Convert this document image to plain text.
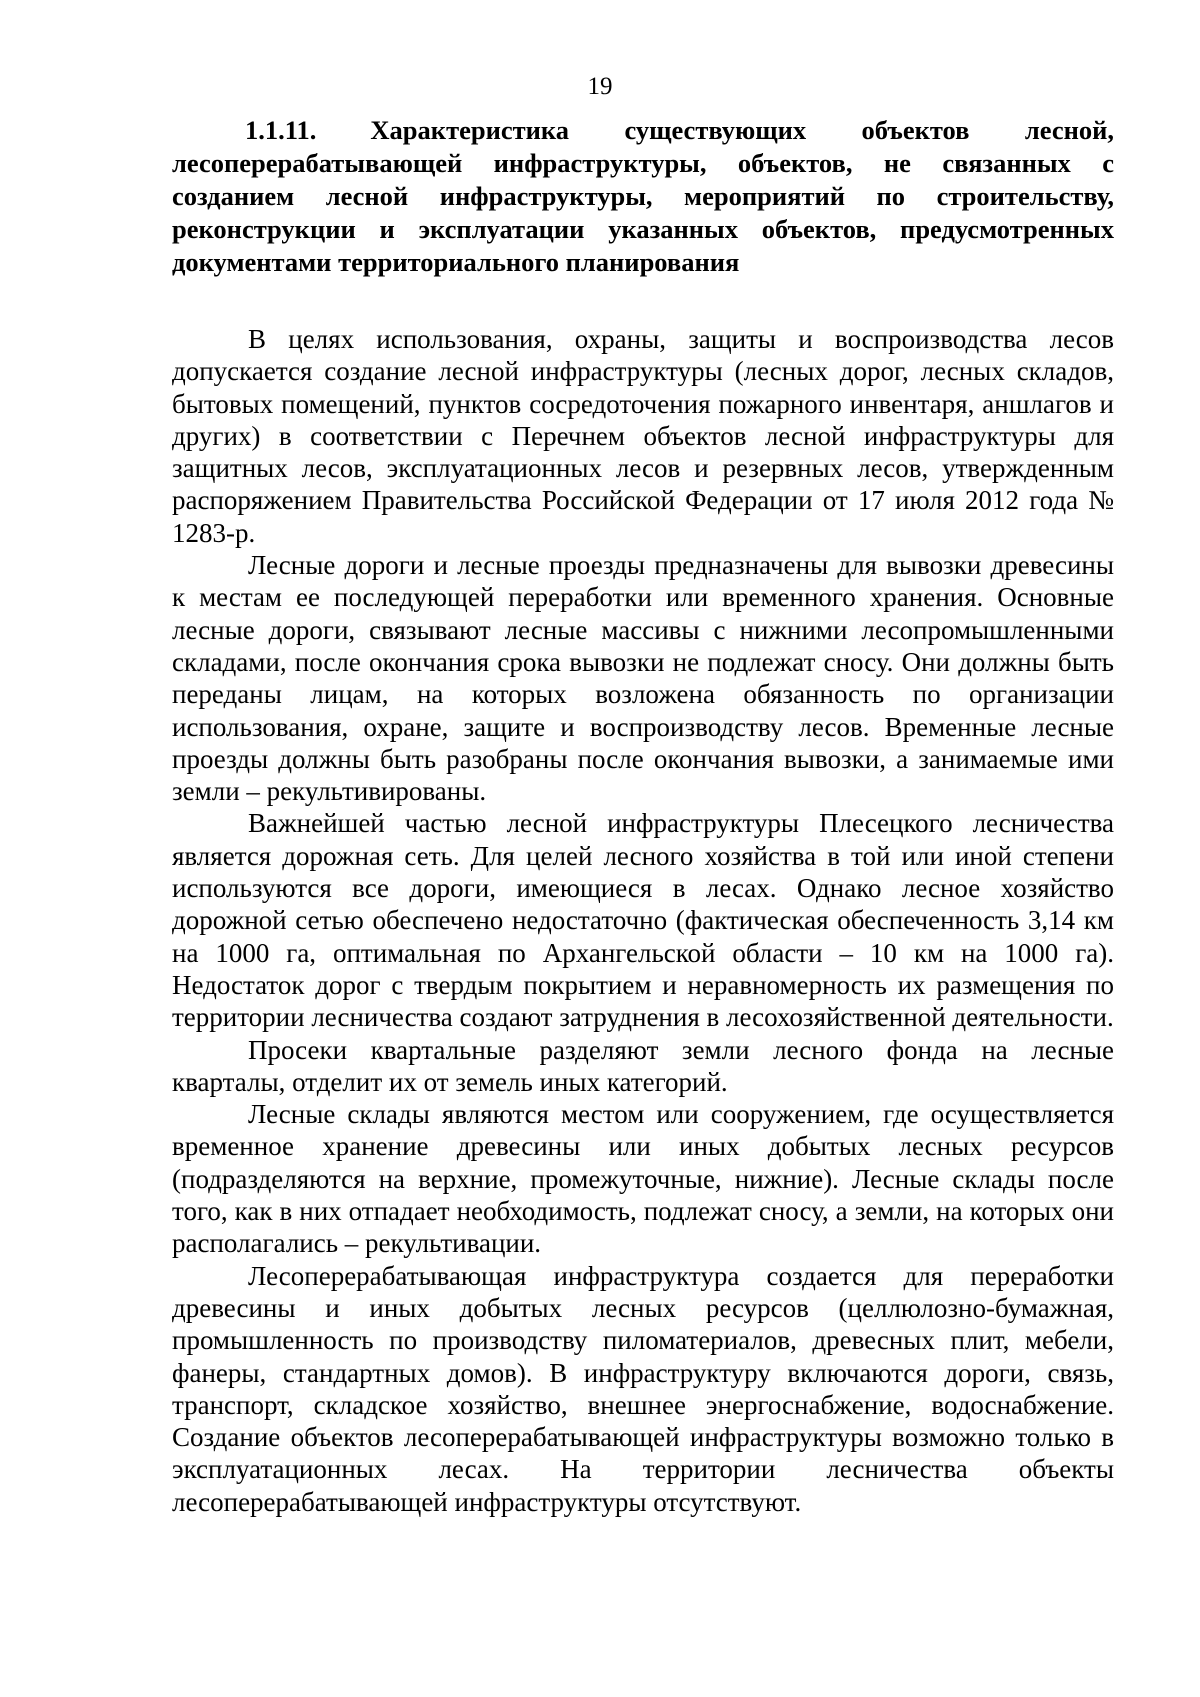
19

1.1.11. Характеристика существующих объектов лесной, лесоперерабатывающей инфраструктуры, объектов, не связанных с созданием лесной инфраструктуры, мероприятий по строительству, реконструкции и эксплуатации указанных объектов, предусмотренных документами территориального планирования

В целях использования, охраны, защиты и воспроизводства лесов допускается создание лесной инфраструктуры (лесных дорог, лесных складов, бытовых помещений, пунктов сосредоточения пожарного инвентаря, аншлагов и других) в соответствии с Перечнем объектов лесной инфраструктуры для защитных лесов, эксплуатационных лесов и резервных лесов, утвержденным распоряжением Правительства Российской Федерации от 17 июля 2012 года № 1283-р.

Лесные дороги и лесные проезды предназначены для вывозки древесины к местам ее последующей переработки или временного хранения. Основные лесные дороги, связывают лесные массивы с нижними лесопромышленными складами, после окончания срока вывозки не подлежат сносу. Они должны быть переданы лицам, на которых возложена обязанность по организации использования, охране, защите и воспроизводству лесов. Временные лесные проезды должны быть разобраны после окончания вывозки, а занимаемые ими земли – рекультивированы.

Важнейшей частью лесной инфраструктуры Плесецкого лесничества является дорожная сеть. Для целей лесного хозяйства в той или иной степени используются все дороги, имеющиеся в лесах. Однако лесное хозяйство дорожной сетью обеспечено недостаточно (фактическая обеспеченность 3,14 км на 1000 га, оптимальная по Архангельской области – 10 км на 1000 га). Недостаток дорог с твердым покрытием и неравномерность их размещения по территории лесничества создают затруднения в лесохозяйственной деятельности.

Просеки квартальные разделяют земли лесного фонда на лесные кварталы, отделит их от земель иных категорий.

Лесные склады являются местом или сооружением, где осуществляется временное хранение древесины или иных добытых лесных ресурсов (подразделяются на верхние, промежуточные, нижние). Лесные склады после того, как в них отпадает необходимость, подлежат сносу, а земли, на которых они располагались – рекультивации.

Лесоперерабатывающая инфраструктура создается для переработки древесины и иных добытых лесных ресурсов (целлюлозно-бумажная, промышленность по производству пиломатериалов, древесных плит, мебели, фанеры, стандартных домов). В инфраструктуру включаются дороги, связь, транспорт, складское хозяйство, внешнее энергоснабжение, водоснабжение. Создание объектов лесоперерабатывающей инфраструктуры возможно только в эксплуатационных лесах. На территории лесничества объекты лесоперерабатывающей инфраструктуры отсутствуют.
